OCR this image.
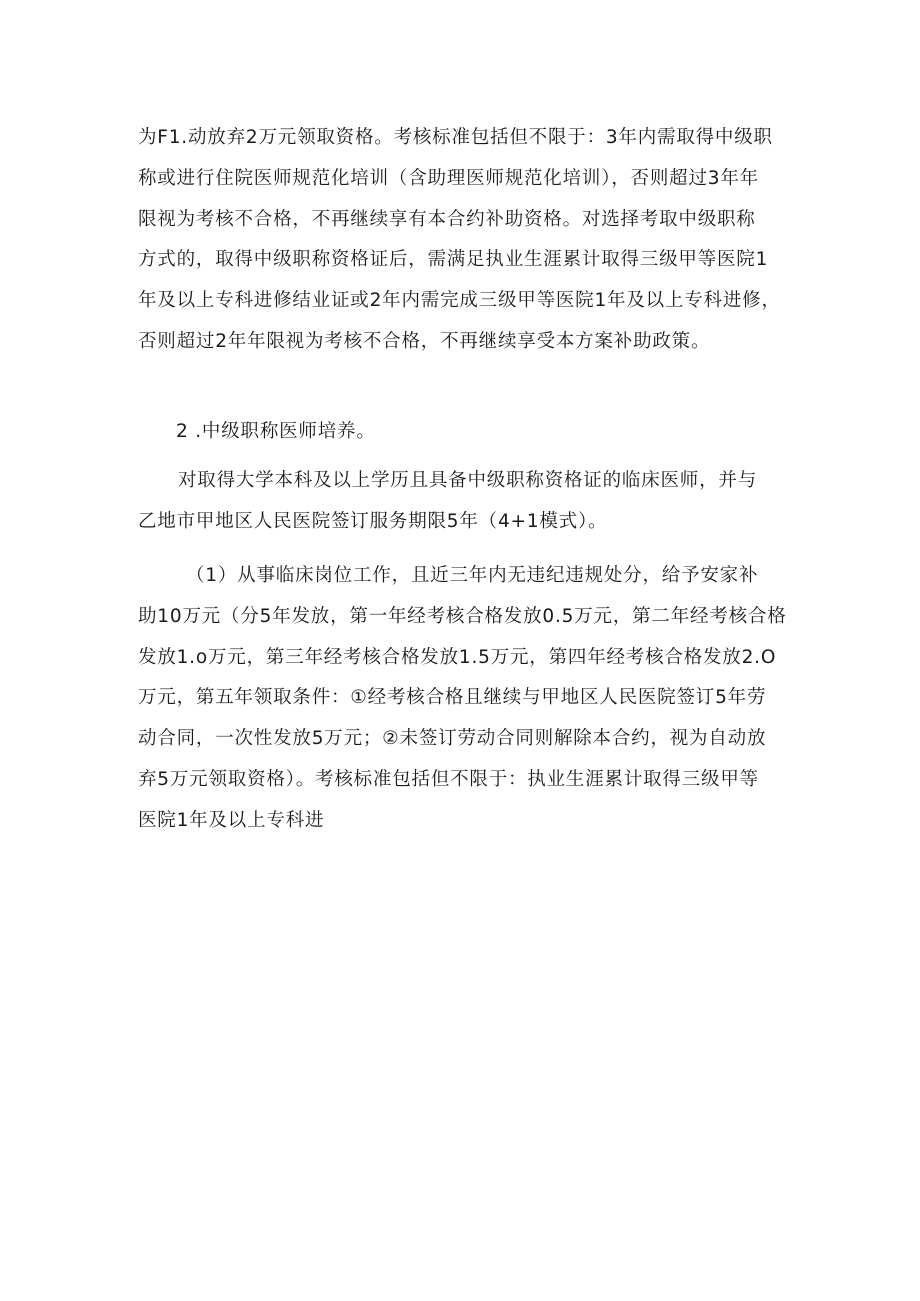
为F1.动放弃2万元领取资格。考核标准包括但不限于：3年内需取得中级职
称或进行住院医师规范化培训（含助理医师规范化培训），否则超过3年年
限视为考核不合格，不再继续享有本合约补助资格。对选择考取中级职称
方式的，取得中级职称资格证后，需满足执业生涯累计取得三级甲等医院1
年及以上专科进修结业证或2年内需完成三级甲等医院1年及以上专科进修，
否则超过2年年限视为考核不合格，不再继续享受本方案补助政策。
2 .中级职称医师培养。
对取得大学本科及以上学历且具备中级职称资格证的临床医师，并与
乙地市甲地区人民医院签订服务期限5年（4+1模式）。
（1）从事临床岗位工作，且近三年内无违纪违规处分，给予安家补
助10万元（分5年发放，第一年经考核合格发放0.5万元，第二年经考核合格
发放1.o万元，第三年经考核合格发放1.5万元，第四年经考核合格发放2.O
万元，第五年领取条件：①经考核合格且继续与甲地区人民医院签订5年劳
动合同，一次性发放5万元；②未签订劳动合同则解除本合约，视为自动放
弃5万元领取资格）。考核标准包括但不限于：执业生涯累计取得三级甲等
医院1年及以上专科进
